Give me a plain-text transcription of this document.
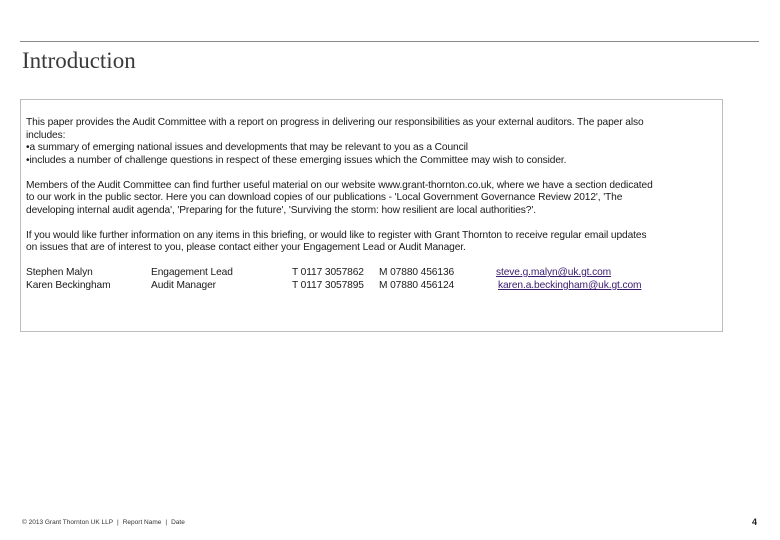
Introduction
This paper provides the Audit Committee with a report on progress in delivering our responsibilities as your external auditors. The paper also
includes:
•a summary of emerging national issues and developments that may be relevant to you as a Council
•includes a number of challenge questions in respect of these emerging issues which the Committee may wish to consider.
Members of the Audit Committee can find further useful material on our website www.grant-thornton.co.uk, where we have a section dedicated
to our work in the public sector. Here you can download copies of our publications - 'Local Government Governance Review 2012', 'The
developing internal audit agenda', 'Preparing for the future', 'Surviving the storm: how resilient are local authorities?'.
If you would like further information on any items in this briefing, or would like to register with Grant Thornton to receive regular email updates
on issues that are of interest to you, please contact either your Engagement Lead or Audit Manager.
Stephen Malyn	Engagement Lead	T 0117 3057862 M 07880 456136	steve.g.malyn@uk.gt.com
Karen Beckingham	Audit Manager	T 0117 3057895 M 07880 456124	karen.a.beckingham@uk.gt.com
© 2013 Grant Thornton UK LLP | Report Name | Date	4
